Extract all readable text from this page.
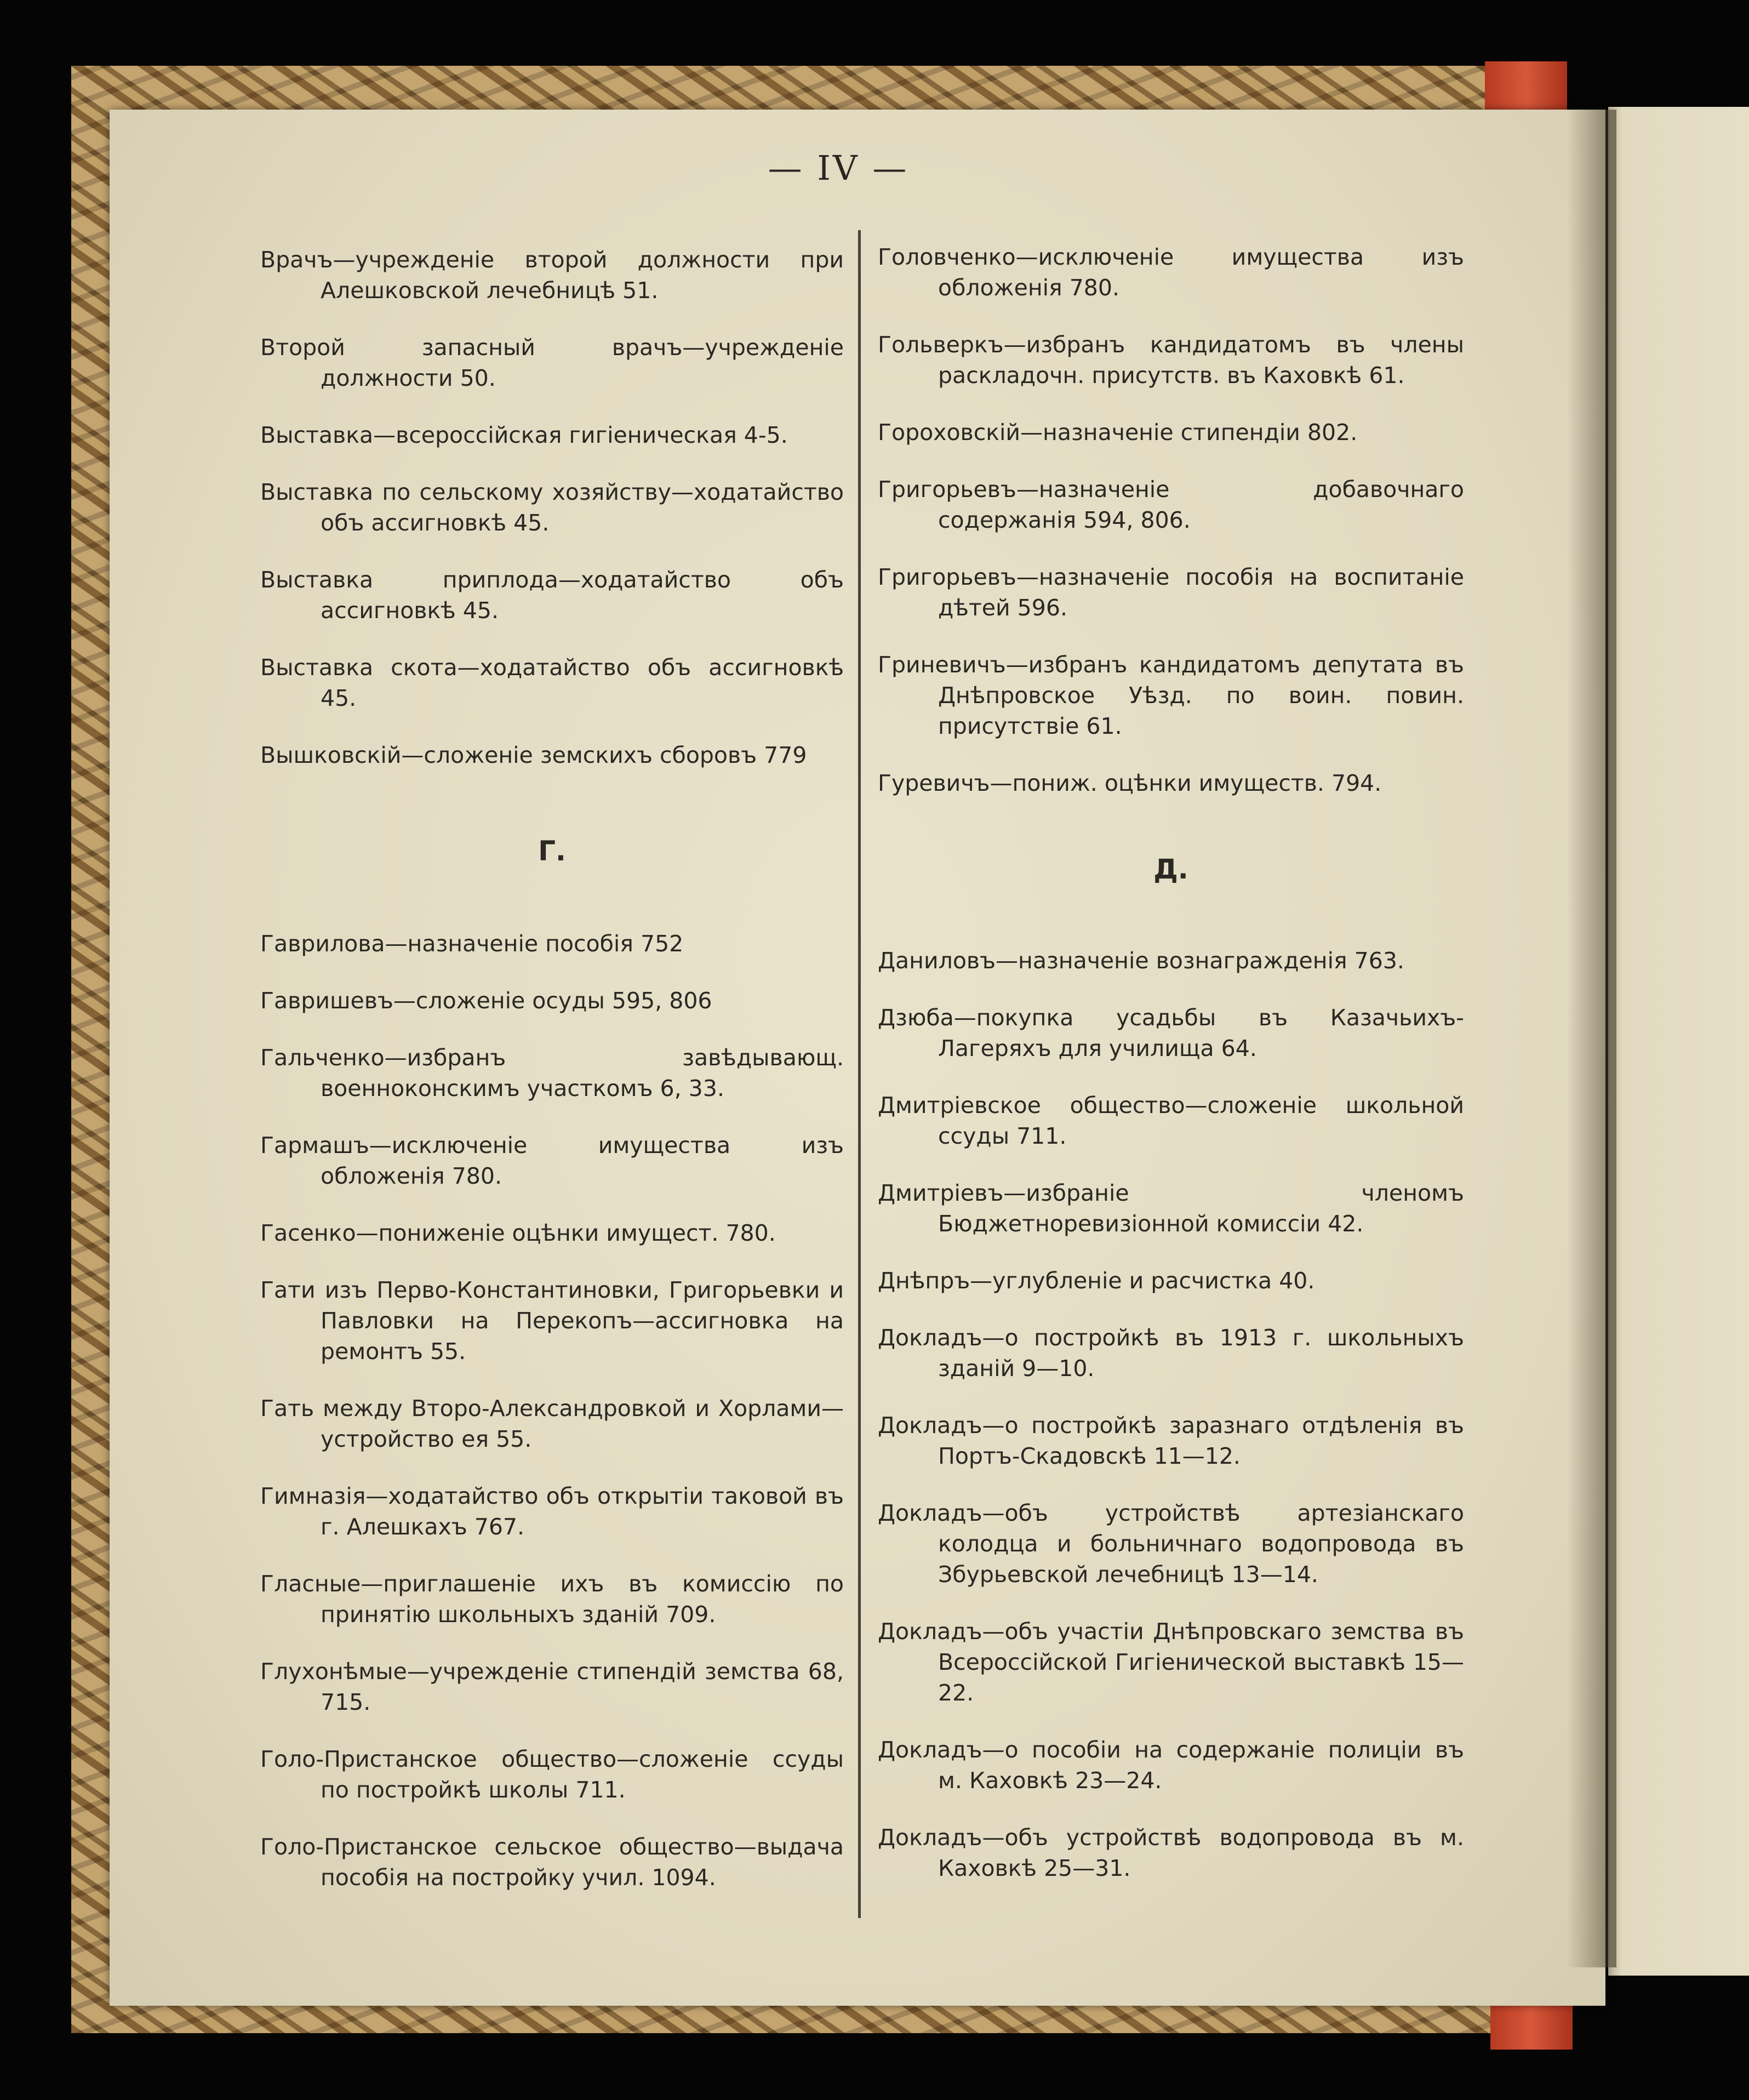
— IV —

Врачъ—учрежденіе второй должности при Алешковской лечебницѣ 51.

Второй запасный врачъ—учрежденіе должности 50.

Выставка—всероссійская гигіеническая 4-5.

Выставка по сельскому хозяйству—ходатайство объ ассигновкѣ 45.

Выставка приплода—ходатайство объ ассигновкѣ 45.

Выставка скота—ходатайство объ ассигновкѣ 45.

Вышковскій—сложеніе земскихъ сборовъ 779

Г.

Гаврилова—назначеніе пособія 752

Гавришевъ—сложеніе осуды 595, 806

Гальченко—избранъ завѣдывающ. военноконскимъ участкомъ 6, 33.

Гармашъ—исключеніе имущества изъ обложенія 780.

Гасенко—пониженіе оцѣнки имущест. 780.

Гати изъ Перво-Константиновки, Григорьевки и Павловки на Перекопъ—ассигновка на ремонтъ 55.

Гать между Второ-Александровкой и Хорлами—устройство ея 55.

Гимназія—ходатайство объ открытіи таковой въ г. Алешкахъ 767.

Гласные—приглашеніе ихъ въ комиссію по принятію школьныхъ зданій 709.

Глухонѣмые—учрежденіе стипендій земства 68, 715.

Голо-Пристанское общество—сложеніе ссуды по постройкѣ школы 711.

Голо-Пристанское сельское общество—выдача пособія на постройку учил. 1094.

Головченко—исключеніе имущества изъ обложенія 780.

Гольверкъ—избранъ кандидатомъ въ члены раскладочн. присутств. въ Каховкѣ 61.

Гороховскій—назначеніе стипендіи 802.

Григорьевъ—назначеніе добавочнаго содержанія 594, 806.

Григорьевъ—назначеніе пособія на воспитаніе дѣтей 596.

Гриневичъ—избранъ кандидатомъ депутата въ Днѣпровское Уѣзд. по воин. повин. присутствіе 61.

Гуревичъ—пониж. оцѣнки имуществ. 794.

Д.

Даниловъ—назначеніе вознагражденія 763.

Дзюба—покупка усадьбы въ Казачьихъ-Лагеряхъ для училища 64.

Дмитріевское общество—сложеніе школьной ссуды 711.

Дмитріевъ—избраніе членомъ Бюджетноревизіонной комиссіи 42.

Днѣпръ—углубленіе и расчистка 40.

Докладъ—о постройкѣ въ 1913 г. школьныхъ зданій 9—10.

Докладъ—о постройкѣ заразнаго отдѣленія въ Портъ-Скадовскѣ 11—12.

Докладъ—объ устройствѣ артезіанскаго колодца и больничнаго водопровода въ Збурьевской лечебницѣ 13—14.

Докладъ—объ участіи Днѣпровскаго земства въ Всероссійской Гигіенической выставкѣ 15—22.

Докладъ—о пособіи на содержаніе полиціи въ м. Каховкѣ 23—24.

Докладъ—объ устройствѣ водопровода въ м. Каховкѣ 25—31.
